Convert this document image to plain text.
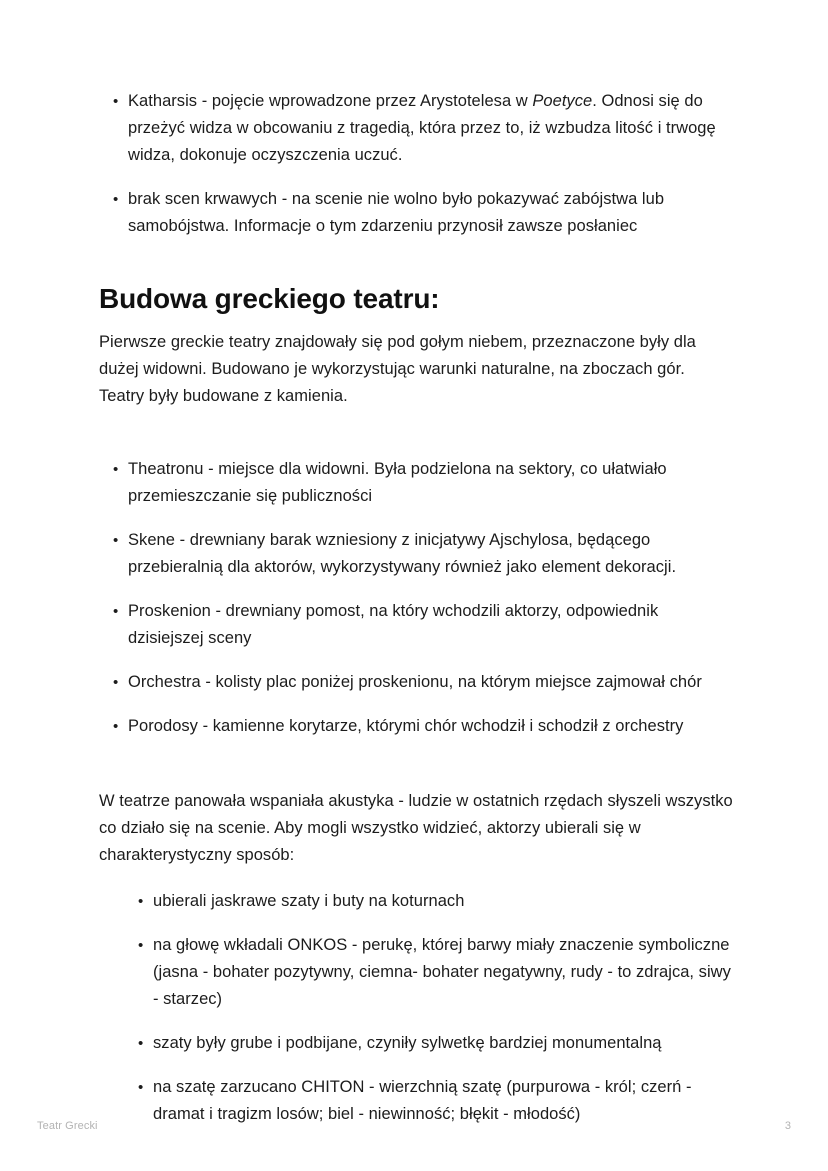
• Katharsis - pojęcie wprowadzone przez Arystotelesa w Poetyce. Odnosi się do przeżyć widza w obcowaniu z tragedią, która przez to, iż wzbudza litość i trwogę widza, dokonuje oczyszczenia uczuć.
• brak scen krwawych - na scenie nie wolno było pokazywać zabójstwa lub samobójstwa. Informacje o tym zdarzeniu przynosił zawsze posłaniec
Budowa greckiego teatru:

Pierwsze greckie teatry znajdowały się pod gołym niebem, przeznaczone były dla dużej widowni. Budowano je wykorzystując warunki naturalne, na zboczach gór. Teatry były budowane z kamienia.

• Theatronu - miejsce dla widowni. Była podzielona na sektory, co ułatwiało przemieszczanie się publiczności
• Skene - drewniany barak wzniesiony z inicjatywy Ajschylosa, będącego przebieralnią dla aktorów, wykorzystywany również jako element dekoracji.
• Proskenion - drewniany pomost, na który wchodzili aktorzy, odpowiednik dzisiejszej sceny
• Orchestra - kolisty plac poniżej proskenionu, na którym miejsce zajmował chór
• Porodosy - kamienne korytarze, którymi chór wchodził i schodził z orchestry

W teatrze panowała wspaniała akustyka - ludzie w ostatnich rzędach słyszeli wszystko co działo się na scenie. Aby mogli wszystko widzieć, aktorzy ubierali się w charakterystyczny sposób:

• ubierali jaskrawe szaty i buty na koturnach
• na głowę wkładali ONKOS - perukę, której barwy miały znaczenie symboliczne (jasna - bohater pozytywny, ciemna- bohater negatywny, rudy - to zdrajca, siwy - starzec)
• szaty były grube i podbijane, czyniły sylwetkę bardziej monumentalną
• na szatę zarzucano CHITON - wierzchnią szatę (purpurowa - król; czerń - dramat i tragizm losów; biel - niewinność; błękit - młodość)
Teatr Grecki	3
